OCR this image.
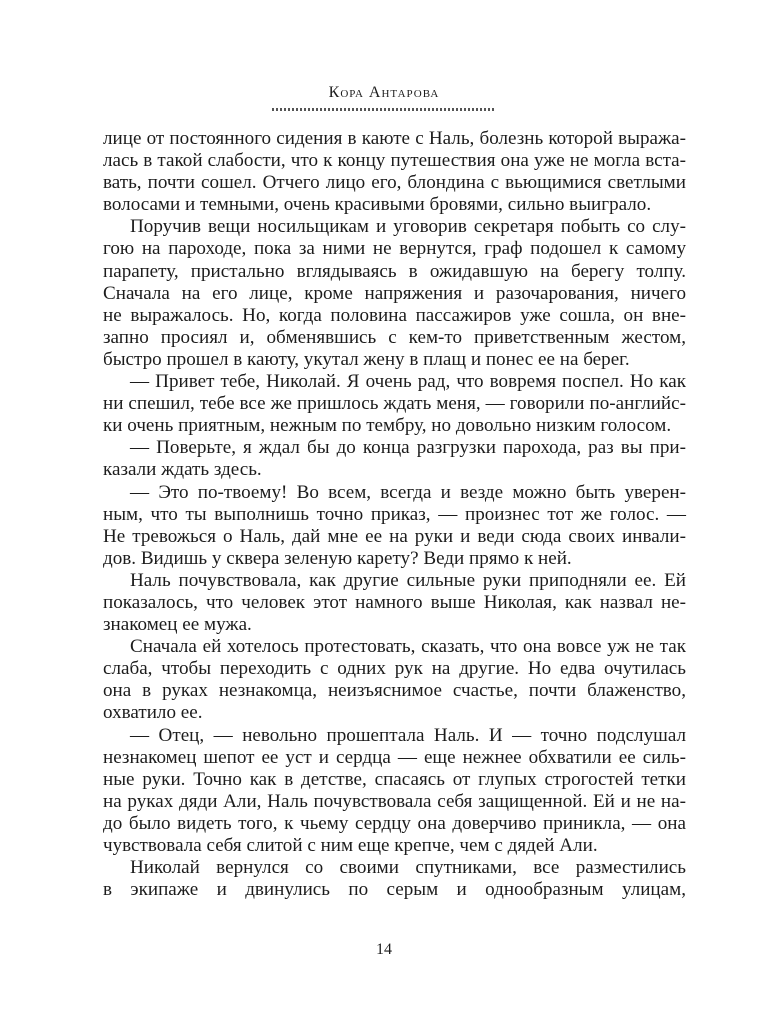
Кора Антарова
лице от постоянного сидения в каюте с Наль, болезнь которой выража-
лась в такой слабости, что к концу путешествия она уже не могла вста-
вать, почти сошел. Отчего лицо его, блондина с вьющимися светлыми
волосами и темными, очень красивыми бровями, сильно выиграло.
Поручив вещи носильщикам и уговорив секретаря побыть со слу-
гою на пароходе, пока за ними не вернутся, граф подошел к самому
парапету, пристально вглядываясь в ожидавшую на берегу толпу.
Сначала на его лице, кроме напряжения и разочарования, ничего
не выражалось. Но, когда половина пассажиров уже сошла, он вне-
запно просиял и, обменявшись с кем-то приветственным жестом,
быстро прошел в каюту, укутал жену в плащ и понес ее на берег.
— Привет тебе, Николай. Я очень рад, что вовремя поспел. Но как
ни спешил, тебе все же пришлось ждать меня, — говорили по-английс-
ки очень приятным, нежным по тембру, но довольно низким голосом.
— Поверьте, я ждал бы до конца разгрузки парохода, раз вы при-
казали ждать здесь.
— Это по-твоему! Во всем, всегда и везде можно быть уверен-
ным, что ты выполнишь точно приказ, — произнес тот же голос. —
Не тревожься о Наль, дай мне ее на руки и веди сюда своих инвали-
дов. Видишь у сквера зеленую карету? Веди прямо к ней.
Наль почувствовала, как другие сильные руки приподняли ее. Ей
показалось, что человек этот намного выше Николая, как назвал не-
знакомец ее мужа.
Сначала ей хотелось протестовать, сказать, что она вовсе уж не так
слаба, чтобы переходить с одних рук на другие. Но едва очутилась
она в руках незнакомца, неизъяснимое счастье, почти блаженство,
охватило ее.
— Отец, — невольно прошептала Наль. И — точно подслушал
незнакомец шепот ее уст и сердца — еще нежнее обхватили ее силь-
ные руки. Точно как в детстве, спасаясь от глупых строгостей тетки
на руках дяди Али, Наль почувствовала себя защищенной. Ей и не на-
до было видеть того, к чьему сердцу она доверчиво приникла, — она
чувствовала себя слитой с ним еще крепче, чем с дядей Али.
Николай вернулся со своими спутниками, все разместились
в экипаже и двинулись по серым и однообразным улицам,
14
